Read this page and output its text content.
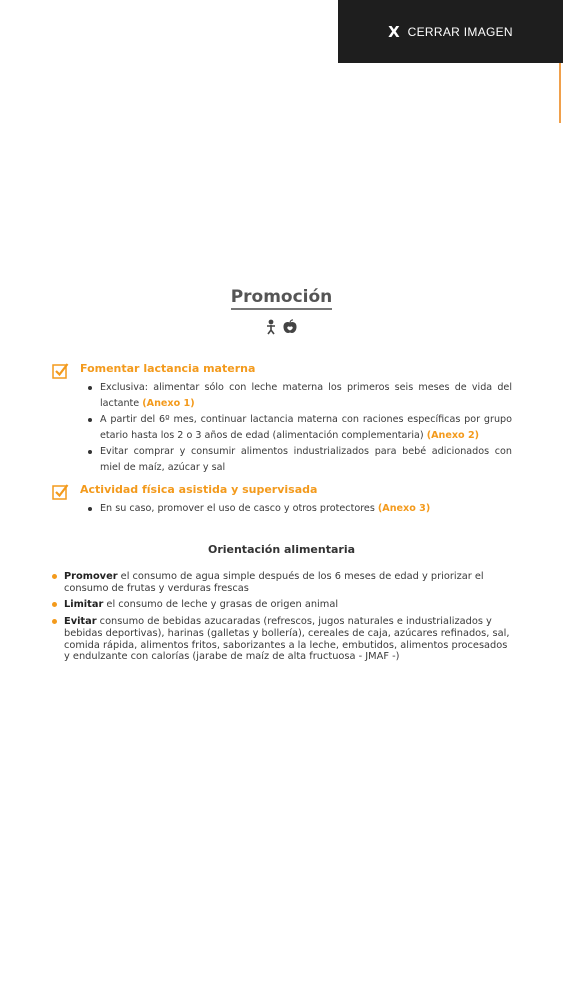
X CERRAR IMAGEN
Promoción

Fomentar lactancia materna
Exclusiva: alimentar sólo con leche materna los primeros seis meses de vida del lactante (Anexo 1)
A partir del 6º mes, continuar lactancia materna con raciones específicas por grupo etario hasta los 2 o 3 años de edad (alimentación complementaria) (Anexo 2)
Evitar comprar y consumir alimentos industrializados para bebé adicionados con miel de maíz, azúcar y sal
Actividad física asistida y supervisada
En su caso, promover el uso de casco y otros protectores (Anexo 3)
Orientación alimentaria
Promover el consumo de agua simple después de los 6 meses de edad y priorizar el consumo de frutas y verduras frescas
Limitar el consumo de leche y grasas de origen animal
Evitar consumo de bebidas azucaradas (refrescos, jugos naturales e industrializados y bebidas deportivas), harinas (galletas y bollería), cereales de caja, azúcares refinados, sal, comida rápida, alimentos fritos, saborizantes a la leche, embutidos, alimentos procesados y endulzante con calorías (jarabe de maíz de alta fructuosa - JMAF -)
